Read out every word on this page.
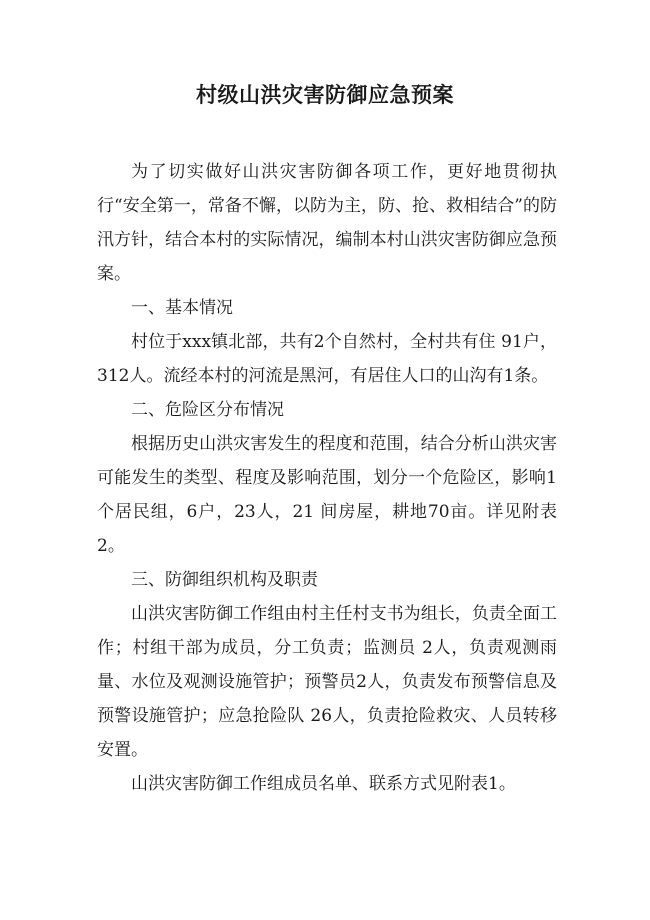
村级山洪灾害防御应急预案

为了切实做好山洪灾害防御各项工作，更好地贯彻执行“安全第一，常备不懈，以防为主，防、抢、救相结合”的防汛方针，结合本村的实际情况，编制本村山洪灾害防御应急预案。

一、基本情况

村位于xxx镇北部，共有2个自然村，全村共有住 91户，312人。流经本村的河流是黑河，有居住人口的山沟有1条。

二、危险区分布情况

根据历史山洪灾害发生的程度和范围，结合分析山洪灾害可能发生的类型、程度及影响范围，划分一个危险区，影响1个居民组，6户，23人，21 间房屋，耕地70亩。详见附表2。

三、防御组织机构及职责

山洪灾害防御工作组由村主任村支书为组长，负责全面工作；村组干部为成员，分工负责；监测员 2人，负责观测雨量、水位及观测设施管护；预警员2人，负责发布预警信息及预警设施管护；应急抢险队 26人，负责抢险救灾、人员转移安置。

山洪灾害防御工作组成员名单、联系方式见附表1。
